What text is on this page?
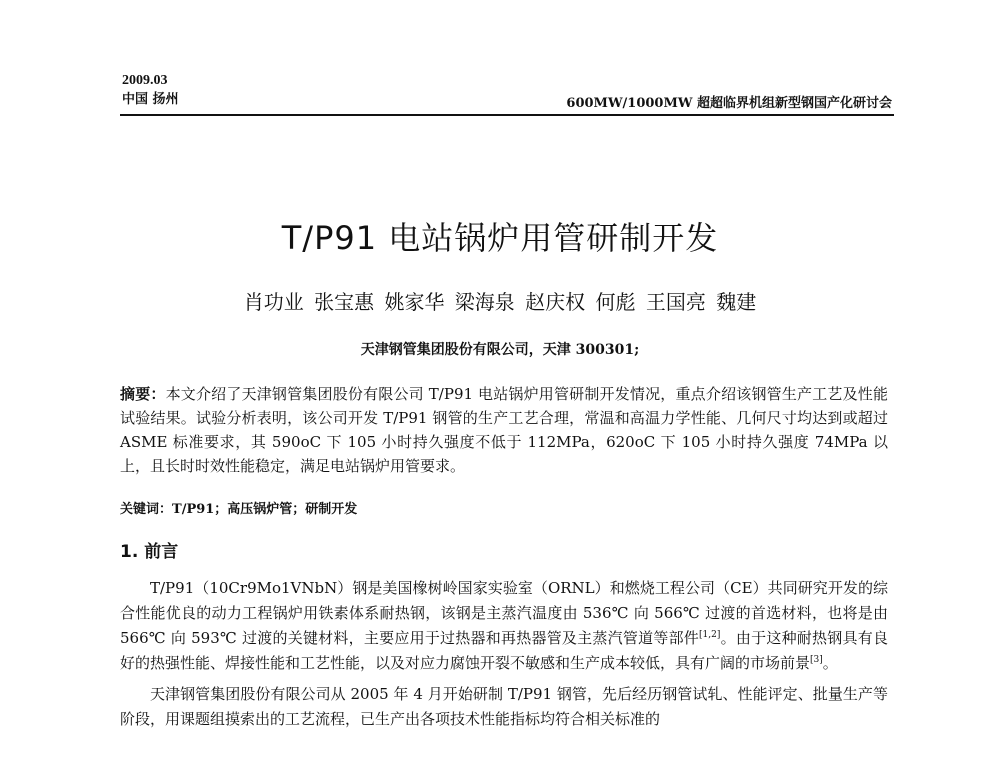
2009.03
中国 扬州	600MW/1000MW 超超临界机组新型钢国产化研讨会
T/P91 电站锅炉用管研制开发
肖功业 张宝惠 姚家华 梁海泉 赵庆权 何彪 王国亮 魏建
天津钢管集团股份有限公司，天津 300301;
摘要：本文介绍了天津钢管集团股份有限公司 T/P91 电站锅炉用管研制开发情况，重点介绍该钢管生产工艺及性能试验结果。试验分析表明，该公司开发 T/P91 钢管的生产工艺合理，常温和高温力学性能、几何尺寸均达到或超过 ASME 标准要求，其 590oC 下 105 小时持久强度不低于 112MPa，620oC 下 105 小时持久强度 74MPa 以上，且长时时效性能稳定，满足电站锅炉用管要求。
关键词：T/P91；高压锅炉管；研制开发
1. 前言

T/P91（10Cr9Mo1VNbN）钢是美国橡树岭国家实验室（ORNL）和燃烧工程公司（CE）共同研究开发的综合性能优良的动力工程锅炉用铁素体系耐热钢，该钢是主蒸汽温度由 536℃ 向 566℃ 过渡的首选材料，也将是由 566℃ 向 593℃ 过渡的关键材料，主要应用于过热器和再热器管及主蒸汽管道等部件[1,2]。由于这种耐热钢具有良好的热强性能、焊接性能和工艺性能，以及对应力腐蚀开裂不敏感和生产成本较低，具有广阔的市场前景[3]。

天津钢管集团股份有限公司从 2005 年 4 月开始研制 T/P91 钢管，先后经历钢管试轧、性能评定、批量生产等阶段，用课题组摸索出的工艺流程，已生产出各项技术性能指标均符合相关标准的
